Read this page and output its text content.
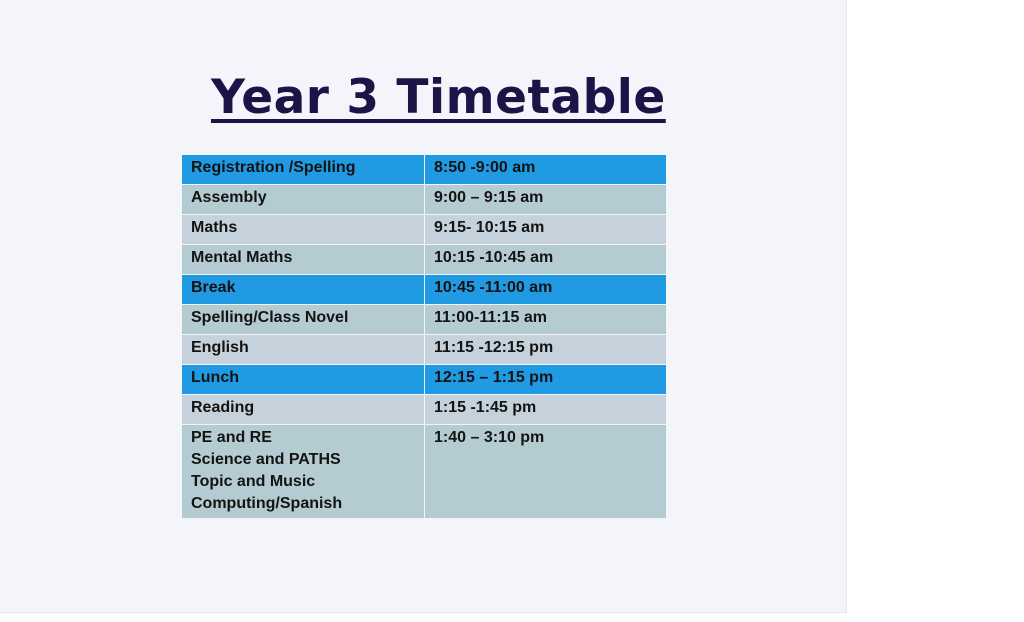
Year 3 Timetable
Registration /Spelling	8:50 -9:00 am
Assembly	9:00 – 9:15 am
Maths	9:15- 10:15 am
Mental Maths	10:15 -10:45 am
Break	10:45 -11:00 am
Spelling/Class Novel	11:00-11:15 am
English	11:15 -12:15 pm
Lunch	12:15 – 1:15 pm
Reading	1:15 -1:45 pm

PE and RE
Science and PATHS
Topic and Music
Computing/Spanish	1:40 – 3:10 pm
